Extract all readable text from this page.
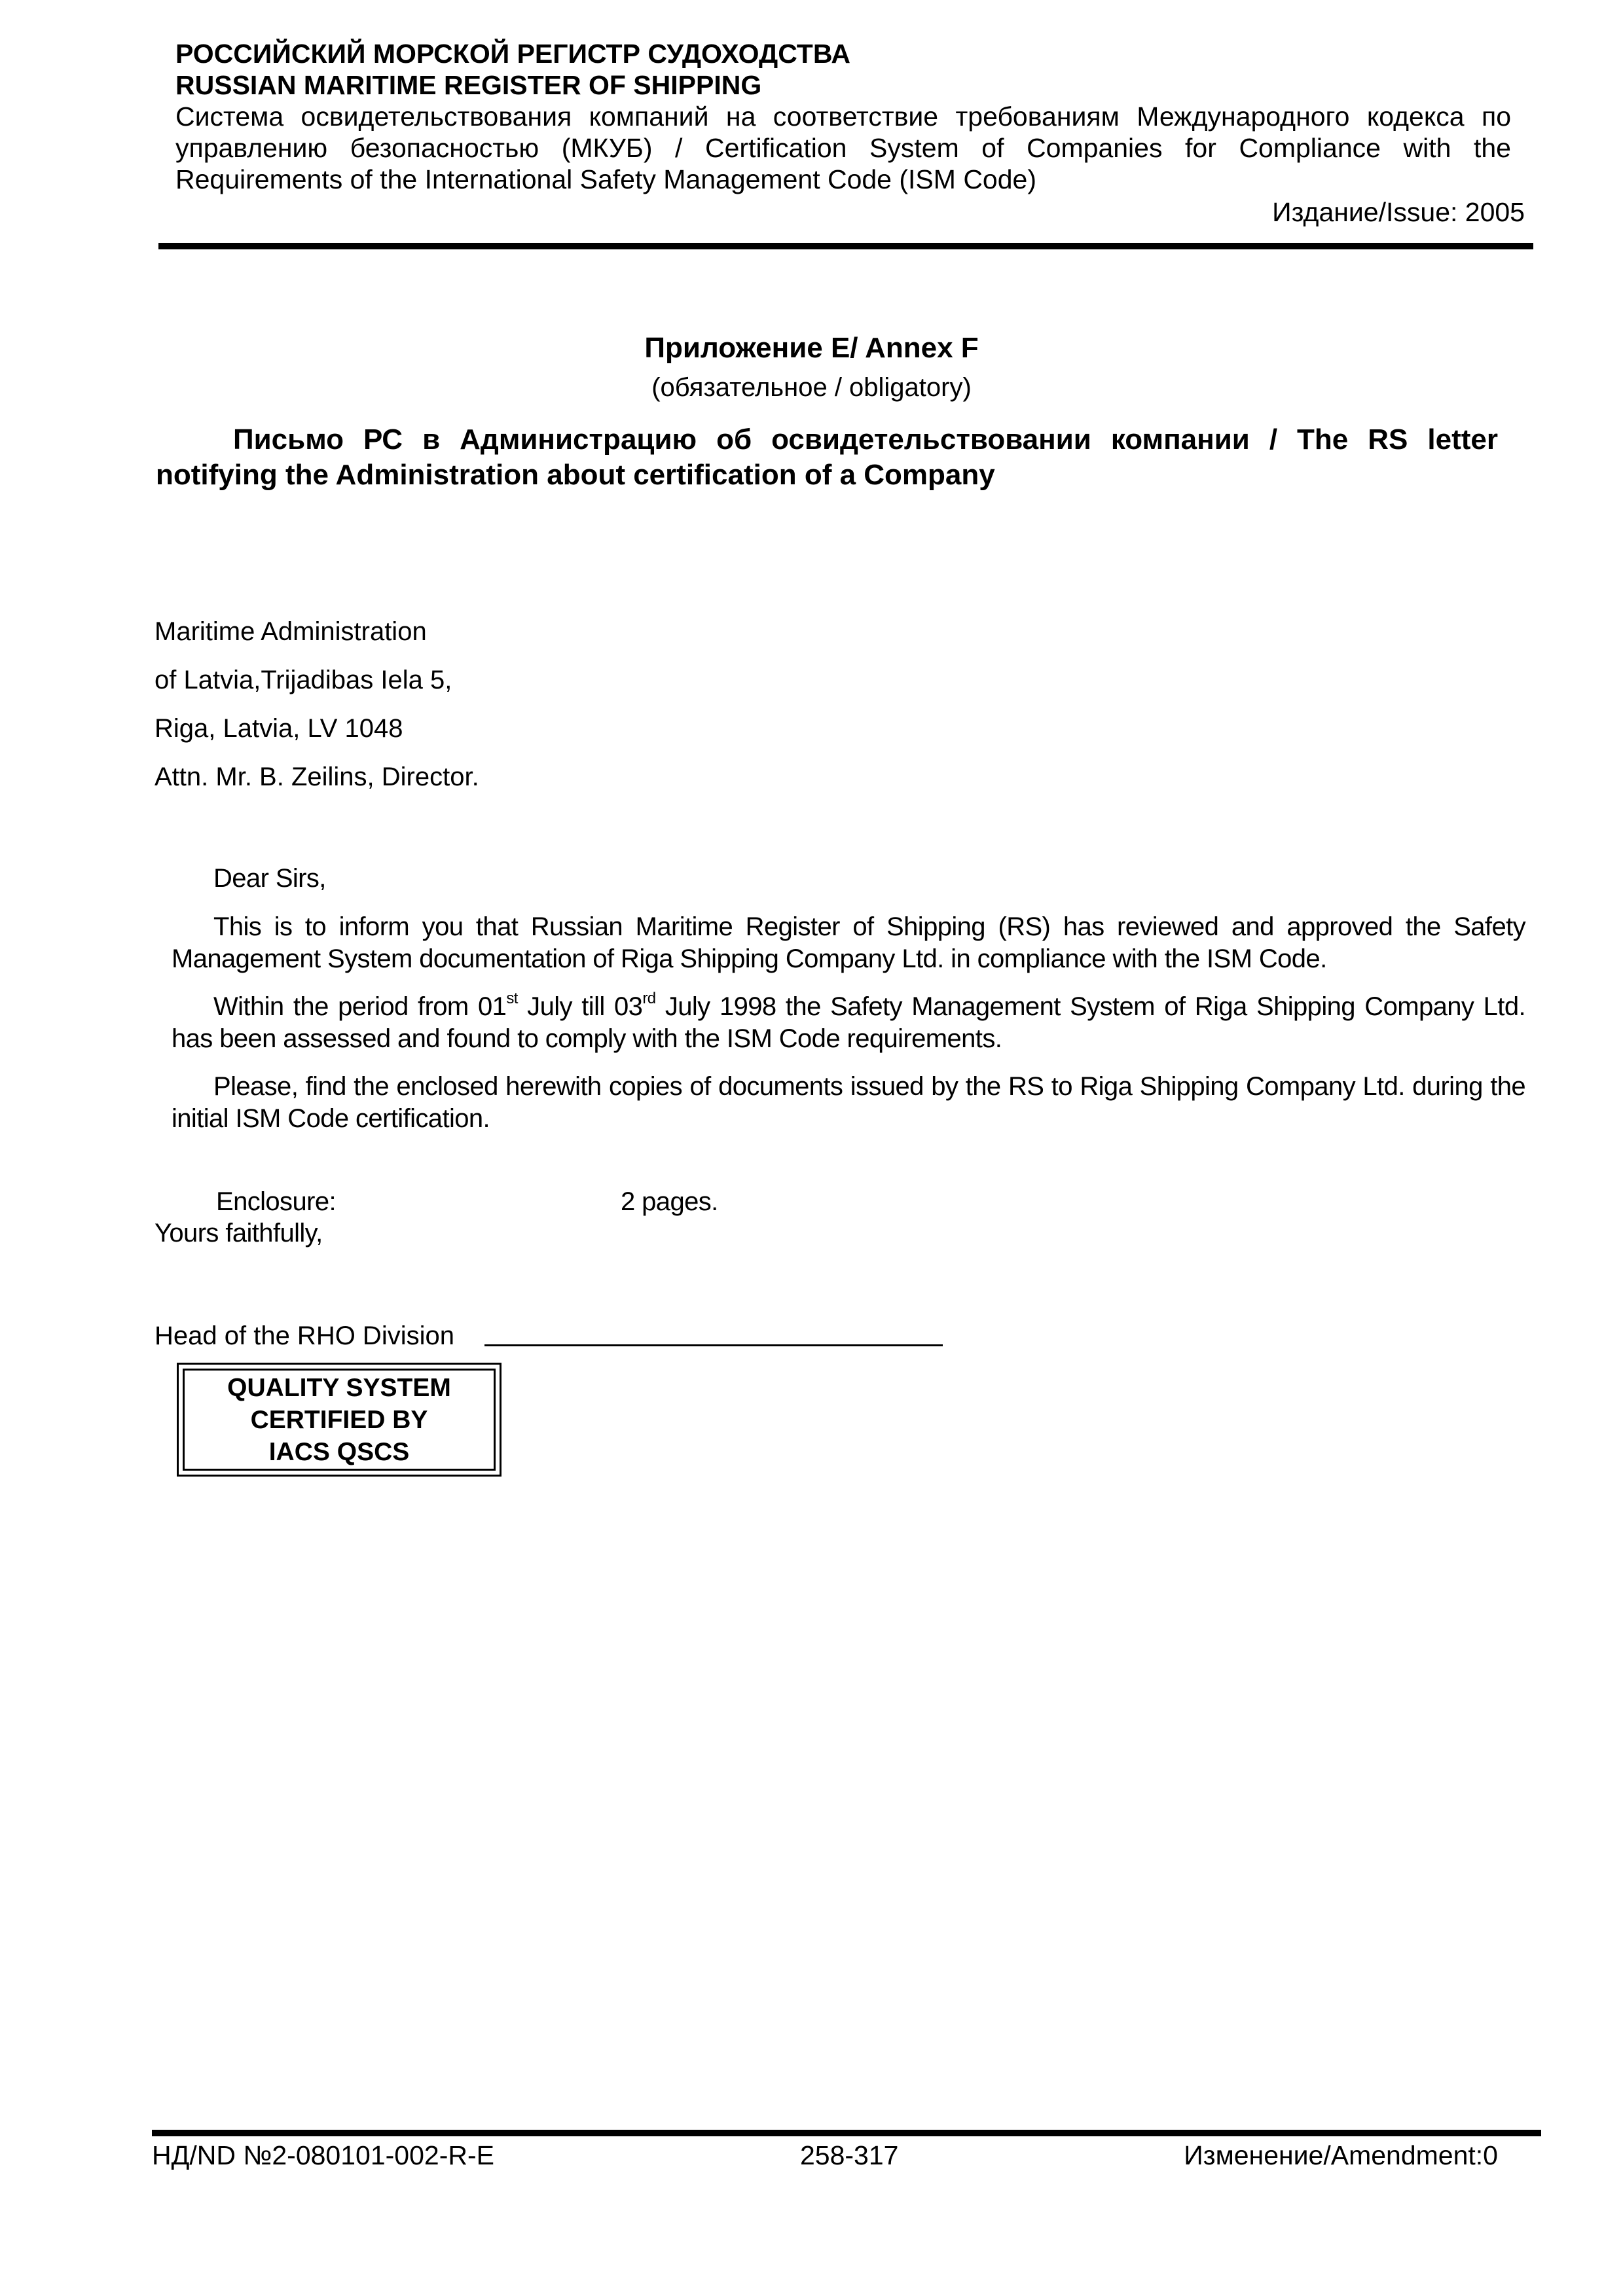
РОССИЙСКИЙ МОРСКОЙ РЕГИСТР СУДОХОДСТВА
RUSSIAN MARITIME REGISTER OF SHIPPING
Система освидетельствования компаний на соответствие требованиям Международного кодекса по управлению безопасностью (МКУБ) / Certification System of Companies for Compliance with the Requirements of the International Safety Management Code (ISM Code)
Издание/Issue: 2005
Приложение E/ Annex F
(обязательное / obligatory)
Письмо РС в Администрацию об освидетельствовании компании / The RS letter notifying the Administration about certification of a Company
Maritime Administration
of Latvia,Trijadibas Iela 5,
Riga, Latvia, LV 1048
Attn. Mr. B. Zeilins, Director.
Dear Sirs,
This is to inform you that Russian Maritime Register of Shipping (RS) has reviewed and approved the Safety Management System documentation of Riga Shipping Company Ltd. in compliance with the ISM Code.
Within the period from 01st July till 03rd July 1998 the Safety Management System of Riga Shipping Company Ltd. has been assessed and found to comply with the ISM Code requirements.
Please, find the enclosed herewith copies of documents issued by the RS to Riga Shipping Company Ltd. during the initial ISM Code certification.
Enclosure:	2 pages.
Yours faithfully,
Head of the RHO Division
QUALITY SYSTEM
CERTIFIED BY
IACS QSCS
НД/ND №2-080101-002-R-E	258-317	Изменение/Amendment:0
